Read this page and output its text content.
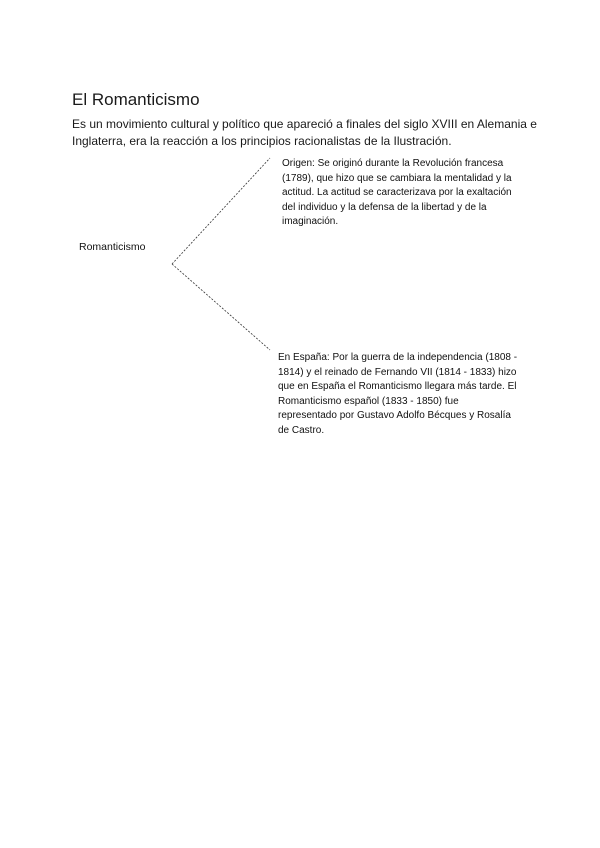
El Romanticismo

Es un movimiento cultural y político que apareció a finales del siglo XVIII en Alemania e Inglaterra, era la reacción a los principios racionalistas de la Ilustración.

Romanticismo
Origen: Se originó durante la Revolución francesa (1789), que hizo que se cambiara la mentalidad y la actitud. La actitud se caracterizava por la exaltación del individuo y la defensa de la libertad y de la imaginación.
En España: Por la guerra de la independencia (1808 - 1814) y el reinado de Fernando VII (1814 - 1833) hizo que en España el Romanticismo llegara más tarde. El Romanticismo español (1833 - 1850) fue representado por Gustavo Adolfo Bécques y Rosalía de Castro.
